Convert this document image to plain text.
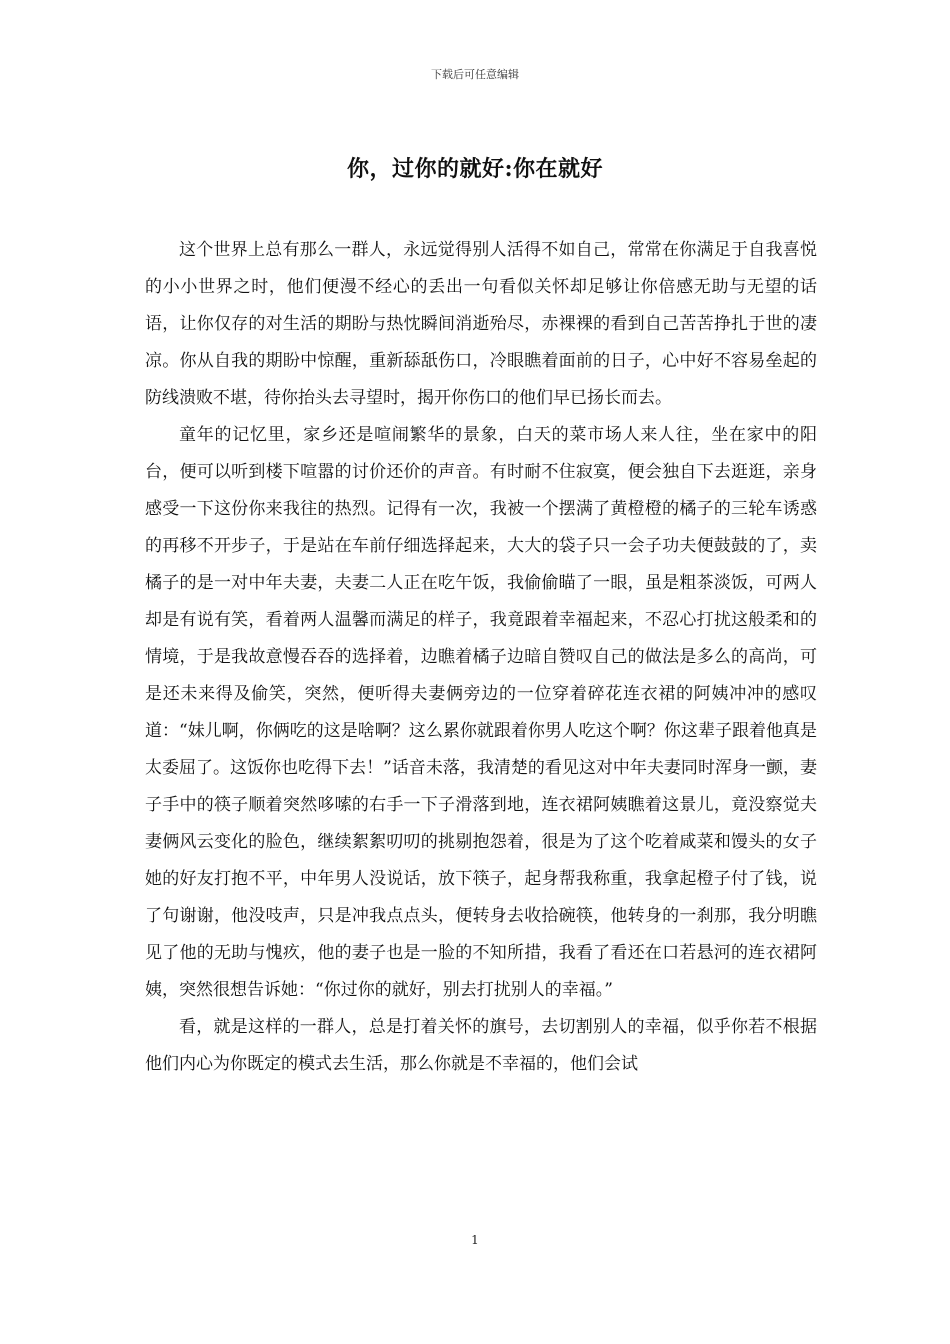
下载后可任意编辑
你，过你的就好:你在就好

这个世界上总有那么一群人，永远觉得别人活得不如自己，常常在你满足于自我喜悦的小小世界之时，他们便漫不经心的丢出一句看似关怀却足够让你倍感无助与无望的话语，让你仅存的对生活的期盼与热忱瞬间消逝殆尽，赤裸裸的看到自己苦苦挣扎于世的凄凉。你从自我的期盼中惊醒，重新舔舐伤口，冷眼瞧着面前的日子，心中好不容易垒起的防线溃败不堪，待你抬头去寻望时，揭开你伤口的他们早已扬长而去。

童年的记忆里，家乡还是喧闹繁华的景象，白天的菜市场人来人往，坐在家中的阳台，便可以听到楼下喧嚣的讨价还价的声音。有时耐不住寂寞，便会独自下去逛逛，亲身感受一下这份你来我往的热烈。记得有一次，我被一个摆满了黄橙橙的橘子的三轮车诱惑的再移不开步子，于是站在车前仔细选择起来，大大的袋子只一会子功夫便鼓鼓的了，卖橘子的是一对中年夫妻，夫妻二人正在吃午饭，我偷偷瞄了一眼，虽是粗茶淡饭，可两人却是有说有笑，看着两人温馨而满足的样子，我竟跟着幸福起来，不忍心打扰这般柔和的情境，于是我故意慢吞吞的选择着，边瞧着橘子边暗自赞叹自己的做法是多么的高尚，可是还未来得及偷笑，突然，便听得夫妻俩旁边的一位穿着碎花连衣裙的阿姨冲冲的感叹道：“妹儿啊，你俩吃的这是啥啊？这么累你就跟着你男人吃这个啊？你这辈子跟着他真是太委屈了。这饭你也吃得下去！”话音未落，我清楚的看见这对中年夫妻同时浑身一颤，妻子手中的筷子顺着突然哆嗦的右手一下子滑落到地，连衣裙阿姨瞧着这景儿，竟没察觉夫妻俩风云变化的脸色，继续絮絮叨叨的挑剔抱怨着，很是为了这个吃着咸菜和馒头的女子她的好友打抱不平，中年男人没说话，放下筷子，起身帮我称重，我拿起橙子付了钱，说了句谢谢，他没吱声，只是冲我点点头，便转身去收拾碗筷，他转身的一刹那，我分明瞧见了他的无助与愧疚，他的妻子也是一脸的不知所措，我看了看还在口若悬河的连衣裙阿姨，突然很想告诉她：“你过你的就好，别去打扰别人的幸福。”

看，就是这样的一群人，总是打着关怀的旗号，去切割别人的幸福，似乎你若不根据他们内心为你既定的模式去生活，那么你就是不幸福的，他们会试

1
